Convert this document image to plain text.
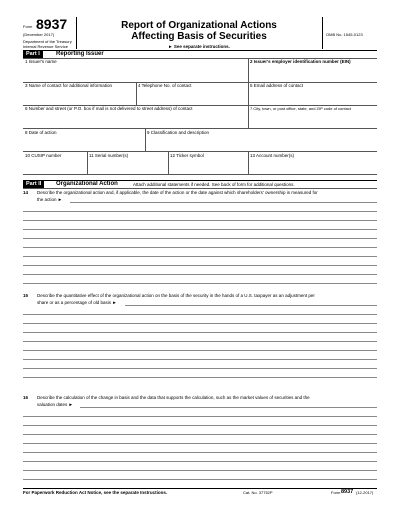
Form 8937
(December 2017)
Department of the Treasury
Internal Revenue Service
Report of Organizational Actions
Affecting Basis of Securities
► See separate instructions.
OMB No. 1545-0123
Part I	Reporting Issuer
1 Issuer's name	2 Issuer's employer identification number (EIN)
3 Name of contact for additional information	4 Telephone No. of contact	5 Email address of contact
6 Number and street (or P.O. box if mail is not delivered to street address) of contact	7 City, town, or post office, state, and ZIP code of contact
8 Date of action	9 Classification and description
10 CUSIP number	11 Serial number(s)	12 Ticker symbol	13 Account number(s)
Part II	Organizational Action	Attach additional statements if needed. See back of form for additional questions.
14 Describe the organizational action and, if applicable, the date of the action or the date against which shareholders' ownership is measured for
the action ►
15 Describe the quantitative effect of the organizational action on the basis of the security in the hands of a U.S. taxpayer as an adjustment per
share or as a percentage of old basis ►
16 Describe the calculation of the change in basis and the data that supports the calculation, such as the market values of securities and the
valuation dates ►
For Paperwork Reduction Act Notice, see the separate Instructions.	Cat. No. 37752P	Form 8937 (12-2017)
